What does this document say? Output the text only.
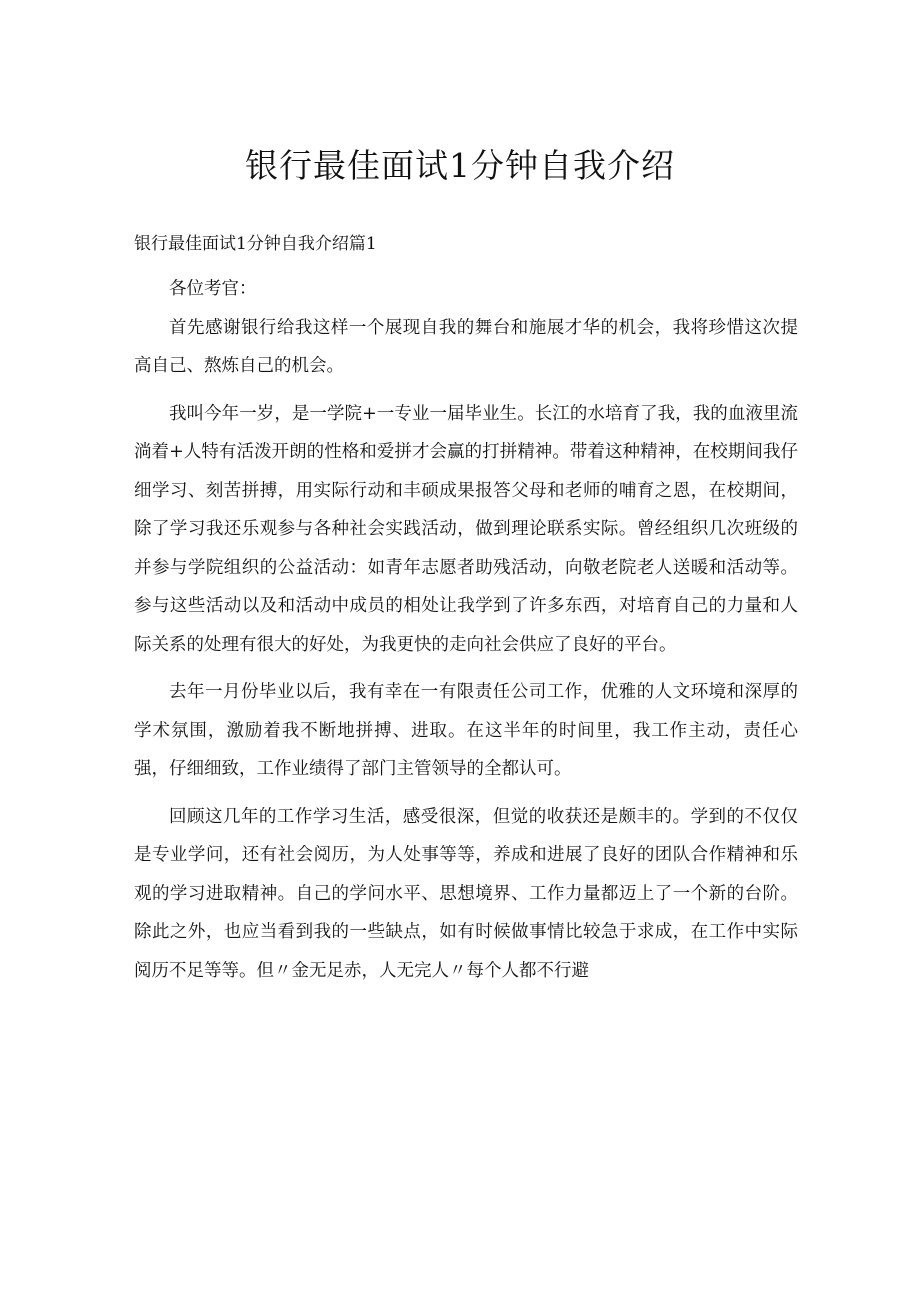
银行最佳面试1分钟自我介绍
银行最佳面试1分钟自我介绍篇1

各位考官：

首先感谢银行给我这样一个展现自我的舞台和施展才华的机会，我将珍惜这次提高自己、熬炼自己的机会。

我叫今年一岁，是一学院+一专业一届毕业生。长江的水培育了我，我的血液里流淌着+人特有活泼开朗的性格和爱拼才会赢的打拼精神。带着这种精神，在校期间我仔细学习、刻苦拼搏，用实际行动和丰硕成果报答父母和老师的哺育之恩，在校期间，除了学习我还乐观参与各种社会实践活动，做到理论联系实际。曾经组织几次班级的并参与学院组织的公益活动：如青年志愿者助残活动，向敬老院老人送暖和活动等。参与这些活动以及和活动中成员的相处让我学到了许多东西，对培育自己的力量和人际关系的处理有很大的好处，为我更快的走向社会供应了良好的平台。

去年一月份毕业以后，我有幸在一有限责任公司工作，优雅的人文环境和深厚的学术氛围，激励着我不断地拼搏、进取。在这半年的时间里，我工作主动，责任心强，仔细细致，工作业绩得了部门主管领导的全都认可。

回顾这几年的工作学习生活，感受很深，但觉的收获还是颇丰的。学到的不仅仅是专业学问，还有社会阅历，为人处事等等，养成和进展了良好的团队合作精神和乐观的学习进取精神。自己的学问水平、思想境界、工作力量都迈上了一个新的台阶。除此之外，也应当看到我的一些缺点，如有时候做事情比较急于求成，在工作中实际阅历不足等等。但〃金无足赤，人无完人〃每个人都不行避
